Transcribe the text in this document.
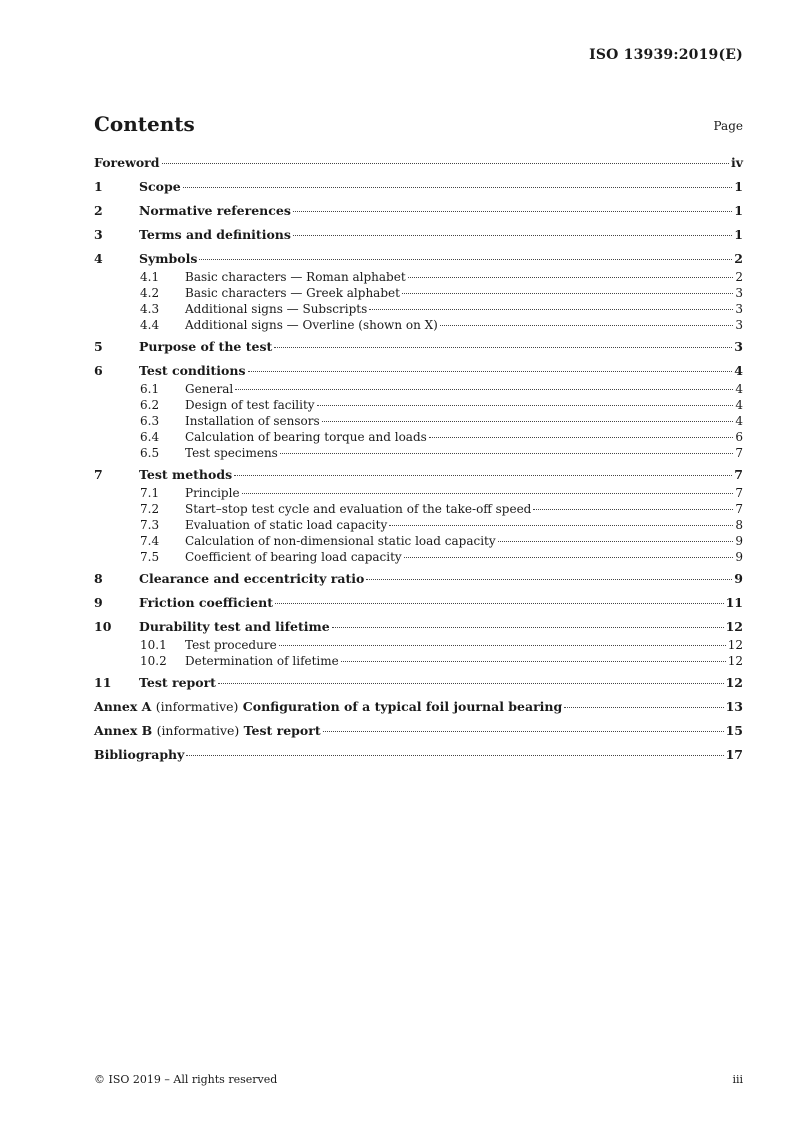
ISO 13939:2019(E)
Contents	Page
Foreword	iv
1	Scope	1
2	Normative references	1
3	Terms and definitions	1
4	Symbols	2
4.1	Basic characters — Roman alphabet	2
4.2	Basic characters — Greek alphabet	3
4.3	Additional signs — Subscripts	3
4.4	Additional signs — Overline (shown on X)	3
5	Purpose of the test	3
6	Test conditions	4
6.1	General	4
6.2	Design of test facility	4
6.3	Installation of sensors	4
6.4	Calculation of bearing torque and loads	6
6.5	Test specimens	7
7	Test methods	7
7.1	Principle	7
7.2	Start–stop test cycle and evaluation of the take-off speed	7
7.3	Evaluation of static load capacity	8
7.4	Calculation of non-dimensional static load capacity	9
7.5	Coefficient of bearing load capacity	9
8	Clearance and eccentricity ratio	9
9	Friction coefficient	11
10	Durability test and lifetime	12
10.1	Test procedure	12
10.2	Determination of lifetime	12
11	Test report	12
Annex A (informative) Configuration of a typical foil journal bearing	13
Annex B (informative) Test report	15
Bibliography	17
© ISO 2019 – All rights reserved	iii
